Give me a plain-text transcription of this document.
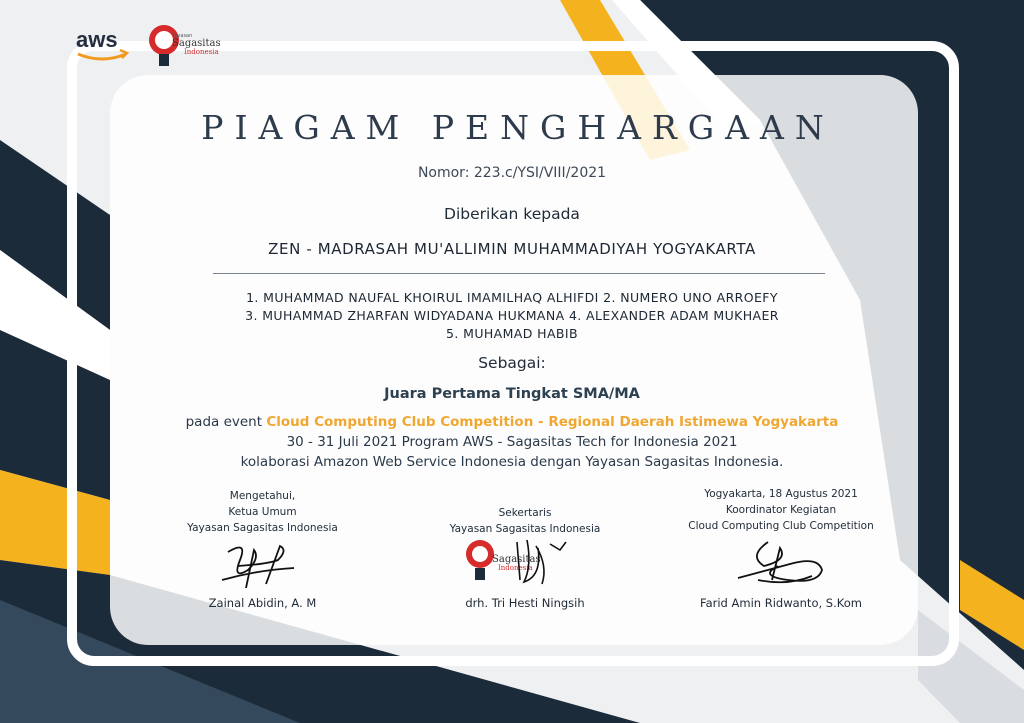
aws	Yayasan
Sagasitas
Indonesia
PIAGAM PENGHARGAAN
Nomor: 223.c/YSI/VIII/2021
Diberikan kepada
ZEN - MADRASAH MU'ALLIMIN MUHAMMADIYAH YOGYAKARTA
1. MUHAMMAD NAUFAL KHOIRUL IMAMILHAQ ALHIFDI 2. NUMERO UNO ARROEFY
3. MUHAMMAD ZHARFAN WIDYADANA HUKMANA 4. ALEXANDER ADAM MUKHAER
5. MUHAMAD HABIB
Sebagai:
Juara Pertama Tingkat SMA/MA
pada event Cloud Computing Club Competition - Regional Daerah Istimewa Yogyakarta
30 - 31 Juli 2021 Program AWS - Sagasitas Tech for Indonesia 2021
kolaborasi Amazon Web Service Indonesia dengan Yayasan Sagasitas Indonesia.
Mengetahui,
Ketua Umum
Yayasan Sagasitas Indonesia
Zainal Abidin, A. M
Sekertaris
Yayasan Sagasitas Indonesia
Sagasitas
Indonesia
drh. Tri Hesti Ningsih
Yogyakarta, 18 Agustus 2021
Koordinator Kegiatan
Cloud Computing Club Competition
Farid Amin Ridwanto, S.Kom
